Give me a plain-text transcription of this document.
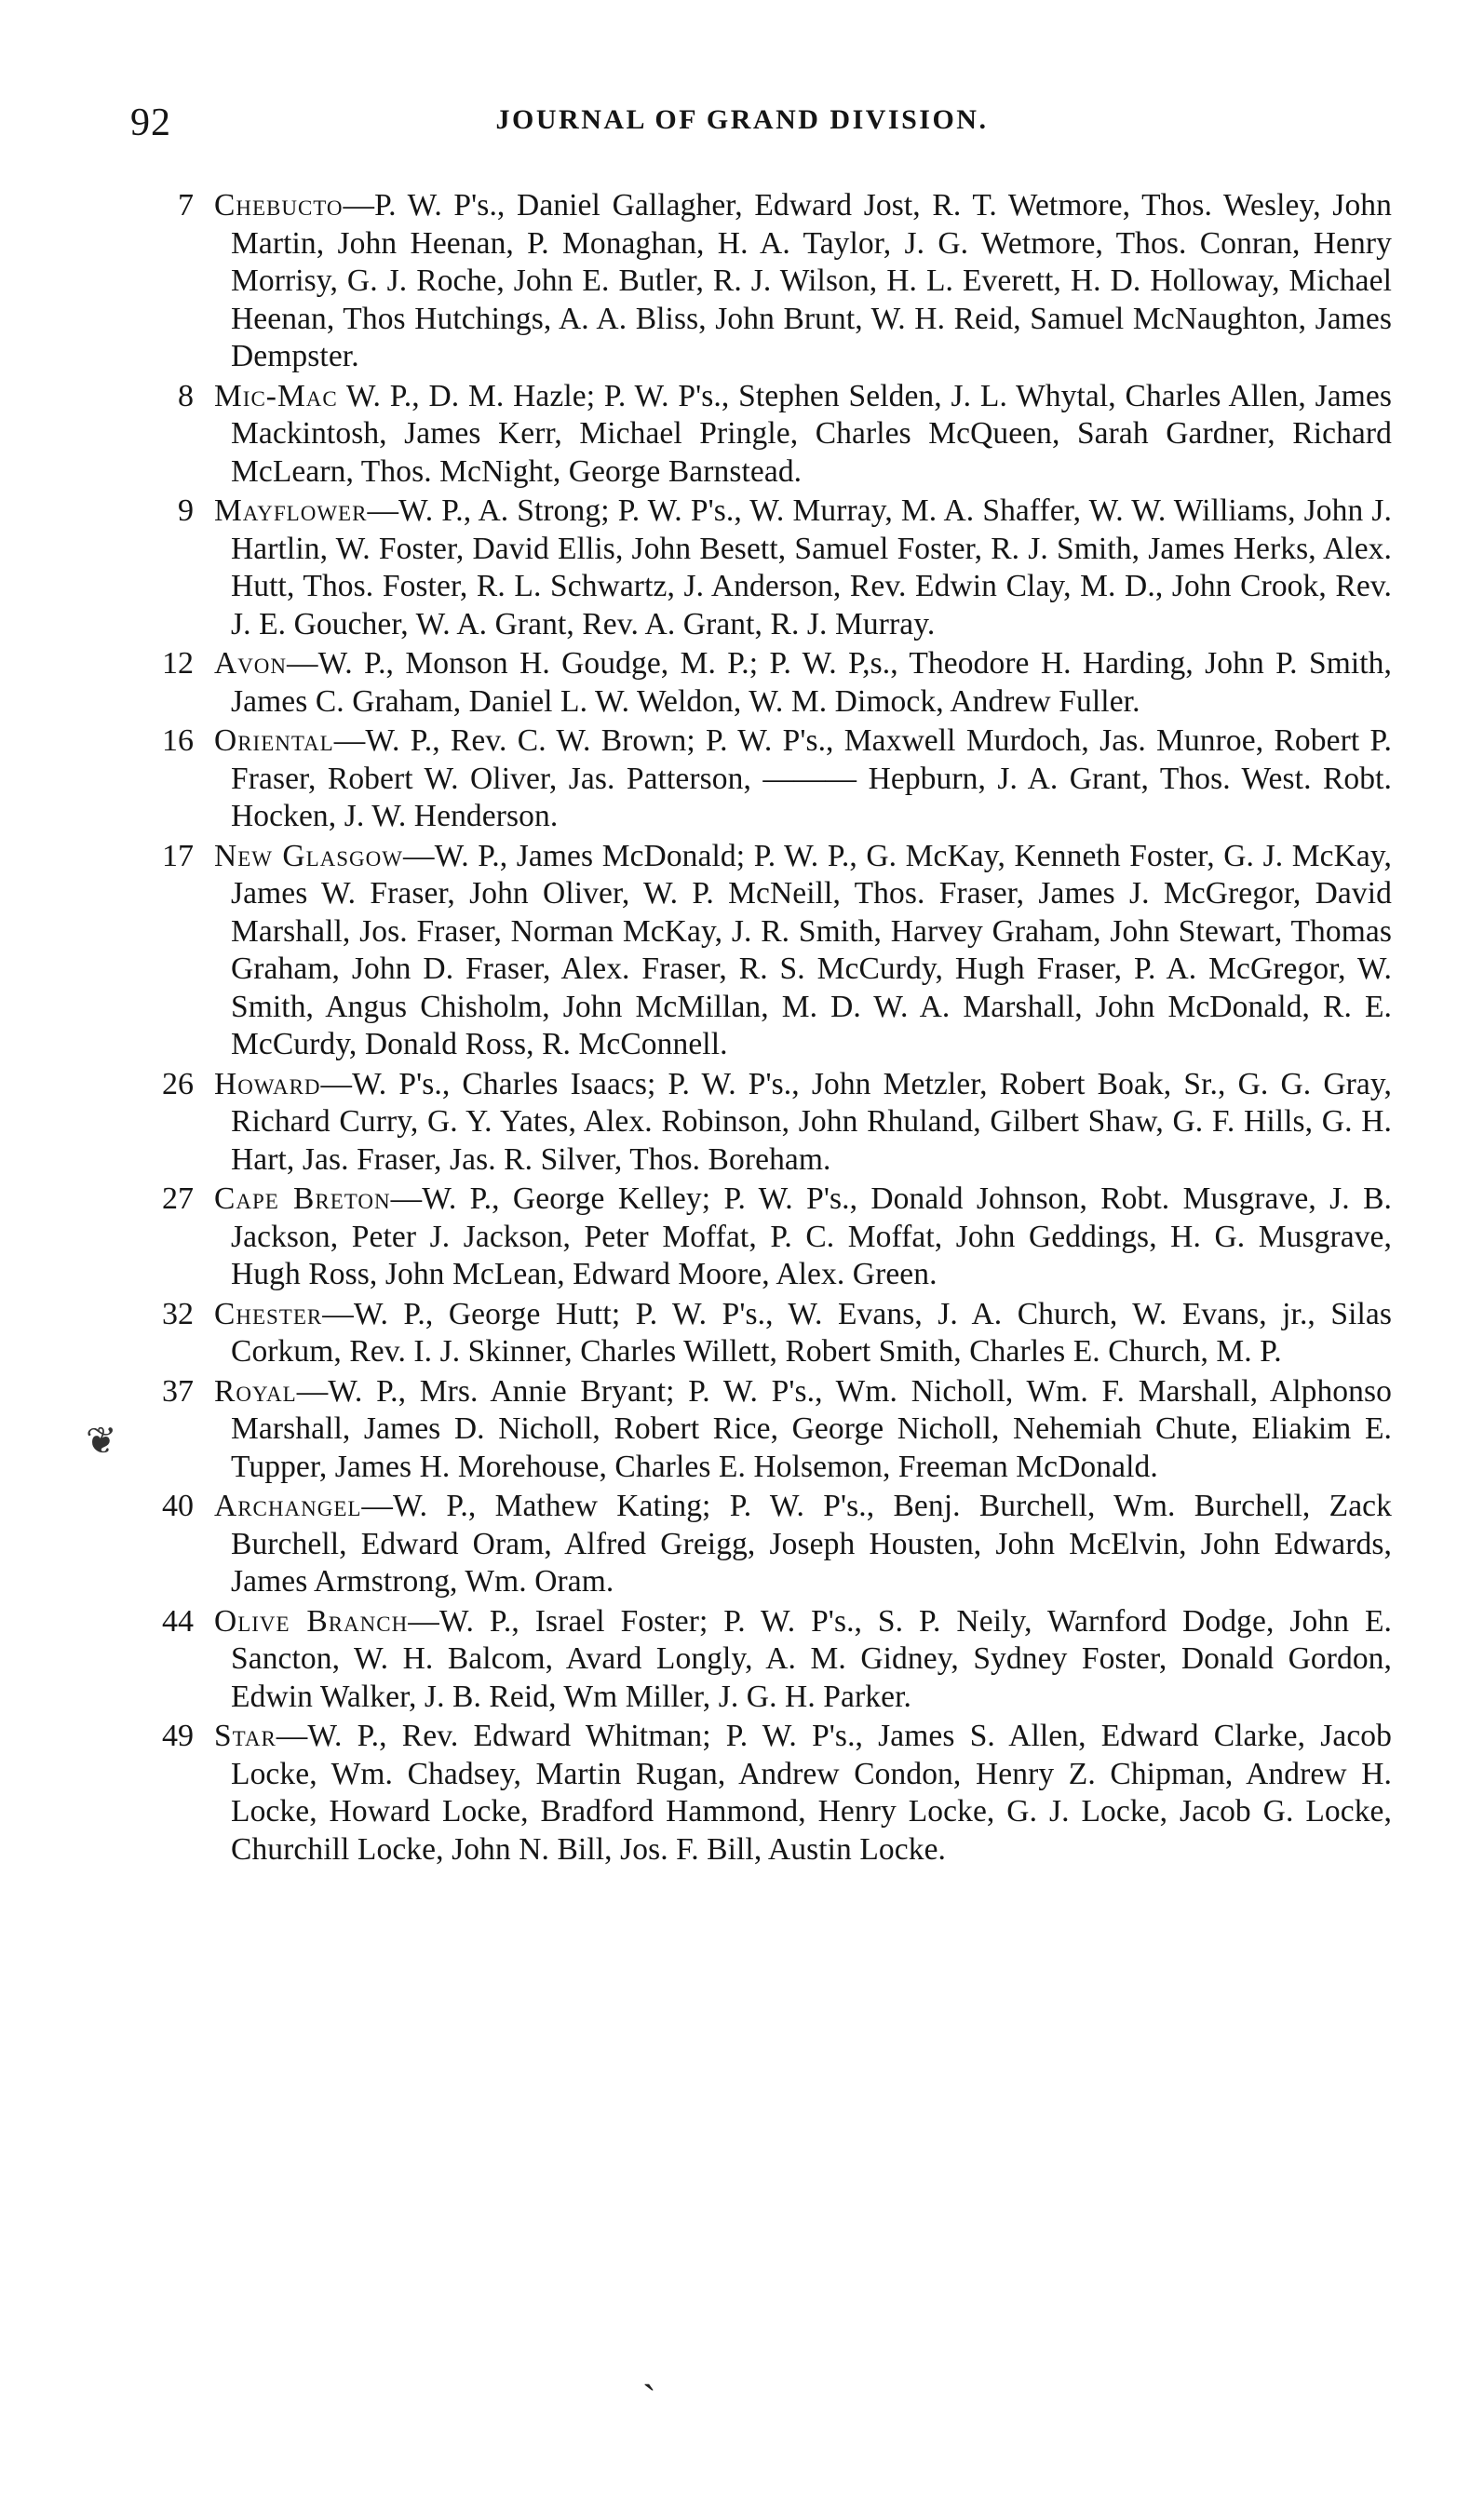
92	JOURNAL OF GRAND DIVISION.
7 Chebucto—P. W. P's., Daniel Gallagher, Edward Jost, R. T. Wetmore, Thos. Wesley, John Martin, John Heenan, P. Monaghan, H. A. Taylor, J. G. Wetmore, Thos. Conran, Henry Morrisy, G. J. Roche, John E. Butler, R. J. Wilson, H. L. Everett, H. D. Holloway, Michael Heenan, Thos Hutchings, A. A. Bliss, John Brunt, W. H. Reid, Samuel McNaughton, James Dempster.
8 Mic-Mac W. P., D. M. Hazle; P. W. P's., Stephen Selden, J. L. Whytal, Charles Allen, James Mackintosh, James Kerr, Michael Pringle, Charles McQueen, Sarah Gardner, Richard McLearn, Thos. McNight, George Barnstead.
9 Mayflower—W. P., A. Strong; P. W. P's., W. Murray, M. A. Shaffer, W. W. Williams, John J. Hartlin, W. Foster, David Ellis, John Besett, Samuel Foster, R. J. Smith, James Herks, Alex. Hutt, Thos. Foster, R. L. Schwartz, J. Anderson, Rev. Edwin Clay, M. D., John Crook, Rev. J. E. Goucher, W. A. Grant, Rev. A. Grant, R. J. Murray.
12 Avon—W. P., Monson H. Goudge, M. P.; P. W. P,s., Theodore H. Harding, John P. Smith, James C. Graham, Daniel L. W. Weldon, W. M. Dimock, Andrew Fuller.
16 Oriental—W. P., Rev. C. W. Brown; P. W. P's., Maxwell Murdoch, Jas. Munroe, Robert P. Fraser, Robert W. Oliver, Jas. Patterson, ——— Hepburn, J. A. Grant, Thos. West. Robt. Hocken, J. W. Henderson.
17 New Glasgow—W. P., James McDonald; P. W. P., G. McKay, Kenneth Foster, G. J. McKay, James W. Fraser, John Oliver, W. P. McNeill, Thos. Fraser, James J. McGregor, David Marshall, Jos. Fraser, Norman McKay, J. R. Smith, Harvey Graham, John Stewart, Thomas Graham, John D. Fraser, Alex. Fraser, R. S. McCurdy, Hugh Fraser, P. A. McGregor, W. Smith, Angus Chisholm, John McMillan, M. D. W. A. Marshall, John McDonald, R. E. McCurdy, Donald Ross, R. McConnell.
26 Howard—W. P's., Charles Isaacs; P. W. P's., John Metzler, Robert Boak, Sr., G. G. Gray, Richard Curry, G. Y. Yates, Alex. Robinson, John Rhuland, Gilbert Shaw, G. F. Hills, G. H. Hart, Jas. Fraser, Jas. R. Silver, Thos. Boreham.
27 Cape Breton—W. P., George Kelley; P. W. P's., Donald Johnson, Robt. Musgrave, J. B. Jackson, Peter J. Jackson, Peter Moffat, P. C. Moffat, John Geddings, H. G. Musgrave, Hugh Ross, John McLean, Edward Moore, Alex. Green.
32 Chester—W. P., George Hutt; P. W. P's., W. Evans, J. A. Church, W. Evans, jr., Silas Corkum, Rev. I. J. Skinner, Charles Willett, Robert Smith, Charles E. Church, M. P.
37 Royal—W. P., Mrs. Annie Bryant; P. W. P's., Wm. Nicholl, Wm. F. Marshall, Alphonso Marshall, James D. Nicholl, Robert Rice, George Nicholl, Nehemiah Chute, Eliakim E. Tupper, James H. Morehouse, Charles E. Holsemon, Freeman McDonald.
40 Archangel—W. P., Mathew Kating; P. W. P's., Benj. Burchell, Wm. Burchell, Zack Burchell, Edward Oram, Alfred Greigg, Joseph Housten, John McElvin, John Edwards, James Armstrong, Wm. Oram.
44 Olive Branch—W. P., Israel Foster; P. W. P's., S. P. Neily, Warnford Dodge, John E. Sancton, W. H. Balcom, Avard Longly, A. M. Gidney, Sydney Foster, Donald Gordon, Edwin Walker, J. B. Reid, Wm Miller, J. G. H. Parker.
49 Star—W. P., Rev. Edward Whitman; P. W. P's., James S. Allen, Edward Clarke, Jacob Locke, Wm. Chadsey, Martin Rugan, Andrew Condon, Henry Z. Chipman, Andrew H. Locke, Howard Locke, Bradford Hammond, Henry Locke, G. J. Locke, Jacob G. Locke, Churchill Locke, John N. Bill, Jos. F. Bill, Austin Locke.
❦
ˏ
